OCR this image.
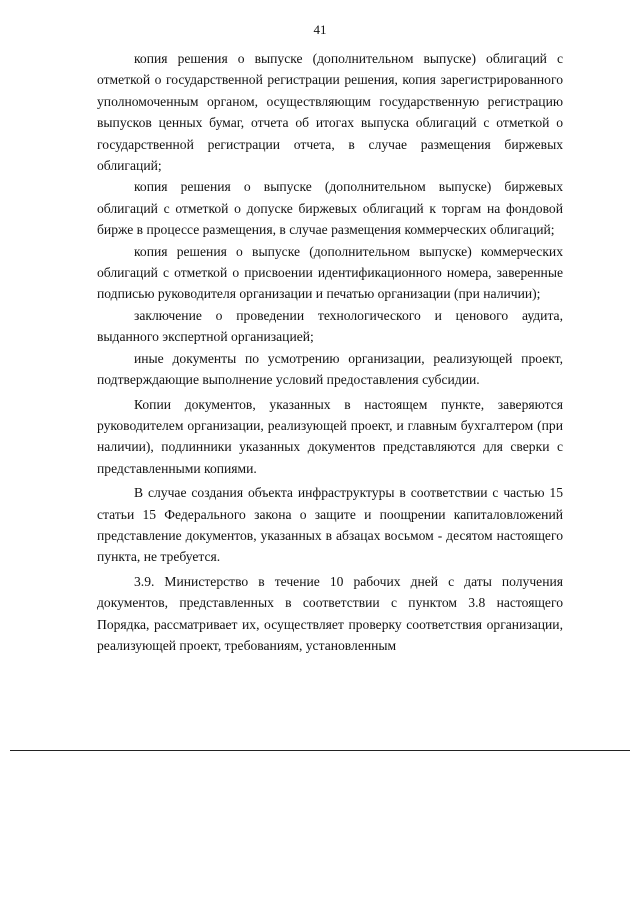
41

копия решения о выпуске (дополнительном выпуске) облигаций с отметкой о государственной регистрации решения, копия зарегистрированного уполномоченным органом, осуществляющим государственную регистрацию выпусков ценных бумаг, отчета об итогах выпуска облигаций с отметкой о государственной регистрации отчета, в случае размещения биржевых облигаций;

копия решения о выпуске (дополнительном выпуске) биржевых облигаций с отметкой о допуске биржевых облигаций к торгам на фондовой бирже в процессе размещения, в случае размещения коммерческих облигаций;

копия решения о выпуске (дополнительном выпуске) коммерческих облигаций с отметкой о присвоении идентификационного номера, заверенные подписью руководителя организации и печатью организации (при наличии);

заключение о проведении технологического и ценового аудита, выданного экспертной организацией;

иные документы по усмотрению организации, реализующей проект, подтверждающие выполнение условий предоставления субсидии.

Копии документов, указанных в настоящем пункте, заверяются руководителем организации, реализующей проект, и главным бухгалтером (при наличии), подлинники указанных документов представляются для сверки с представленными копиями.

В случае создания объекта инфраструктуры в соответствии с частью 15 статьи 15 Федерального закона о защите и поощрении капиталовложений представление документов, указанных в абзацах восьмом - десятом настоящего пункта, не требуется.

3.9. Министерство в течение 10 рабочих дней с даты получения документов, представленных в соответствии с пунктом 3.8 настоящего Порядка, рассматривает их, осуществляет проверку соответствия организации, реализующей проект, требованиям, установленным
